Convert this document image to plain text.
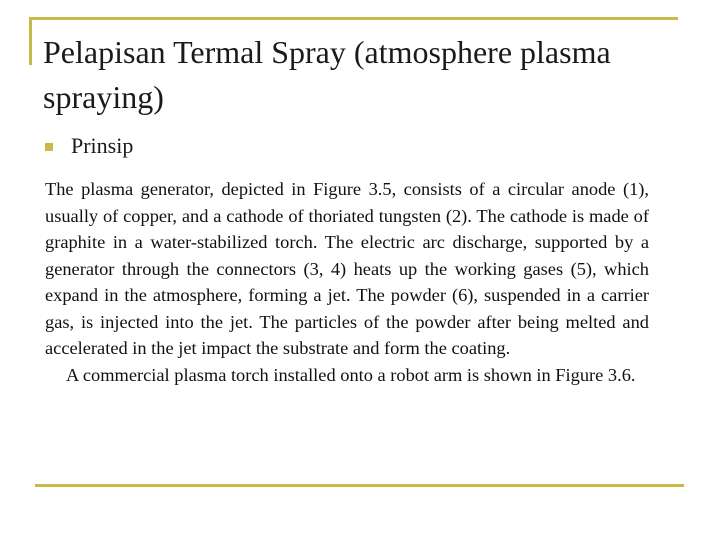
Pelapisan Termal Spray (atmosphere plasma spraying)
Prinsip

The plasma generator, depicted in Figure 3.5, consists of a circular anode (1), usually of copper, and a cathode of thoriated tungsten (2). The cathode is made of graphite in a water-stabilized torch. The electric arc discharge, supported by a generator through the connectors (3, 4) heats up the working gases (5), which expand in the atmosphere, forming a jet. The powder (6), suspended in a carrier gas, is injected into the jet. The particles of the powder after being melted and accelerated in the jet impact the substrate and form the coating.

A commercial plasma torch installed onto a robot arm is shown in Figure 3.6.
